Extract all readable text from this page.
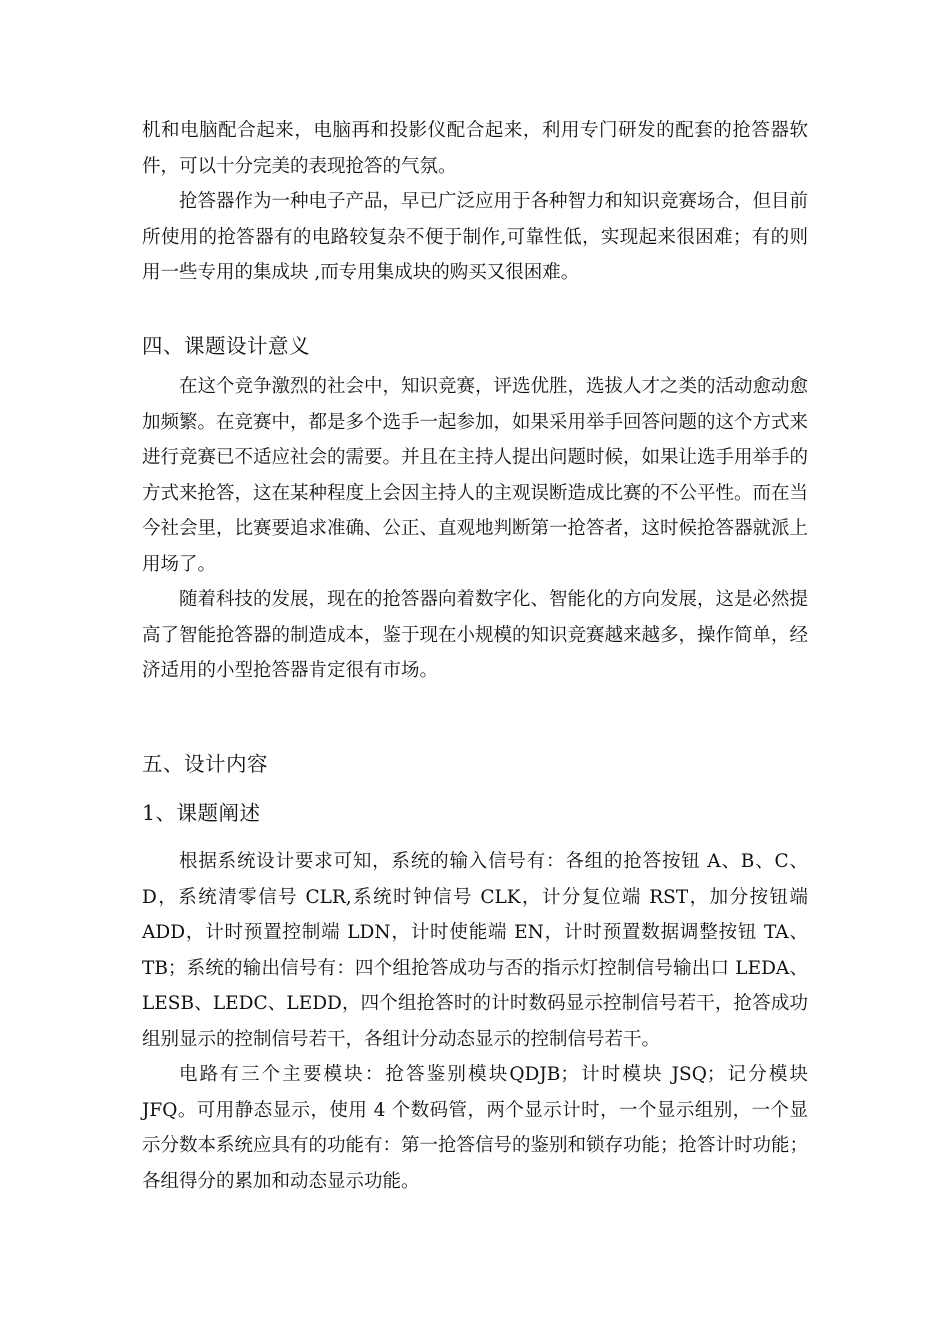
机和电脑配合起来，电脑再和投影仪配合起来，利用专门研发的配套的抢答器软件，可以十分完美的表现抢答的气氛。

抢答器作为一种电子产品，早已广泛应用于各种智力和知识竞赛场合，但目前所使用的抢答器有的电路较复杂不便于制作,可靠性低，实现起来很困难；有的则用一些专用的集成块 ,而专用集成块的购买又很困难。

四、课题设计意义

在这个竞争激烈的社会中，知识竞赛，评选优胜，选拔人才之类的活动愈动愈加频繁。在竞赛中，都是多个选手一起参加，如果采用举手回答问题的这个方式来进行竞赛已不适应社会的需要。并且在主持人提出问题时候，如果让选手用举手的方式来抢答，这在某种程度上会因主持人的主观误断造成比赛的不公平性。而在当今社会里，比赛要追求准确、公正、直观地判断第一抢答者，这时候抢答器就派上用场了。

随着科技的发展，现在的抢答器向着数字化、智能化的方向发展，这是必然提高了智能抢答器的制造成本，鉴于现在小规模的知识竞赛越来越多，操作简单，经济适用的小型抢答器肯定很有市场。

五、设计内容
1、课题阐述

根据系统设计要求可知，系统的输入信号有：各组的抢答按钮 A、B、C、D，系统清零信号 CLR,系统时钟信号 CLK，计分复位端 RST，加分按钮端 ADD，计时预置控制端 LDN，计时使能端 EN，计时预置数据调整按钮 TA、TB；系统的输出信号有：四个组抢答成功与否的指示灯控制信号输出口 LEDA、LESB、LEDC、LEDD，四个组抢答时的计时数码显示控制信号若干，抢答成功组别显示的控制信号若干，各组计分动态显示的控制信号若干。

电路有三个主要模块：抢答鉴别模块QDJB；计时模块 JSQ；记分模块 JFQ。可用静态显示，使用 4 个数码管，两个显示计时，一个显示组别，一个显示分数本系统应具有的功能有：第一抢答信号的鉴别和锁存功能；抢答计时功能；各组得分的累加和动态显示功能。
